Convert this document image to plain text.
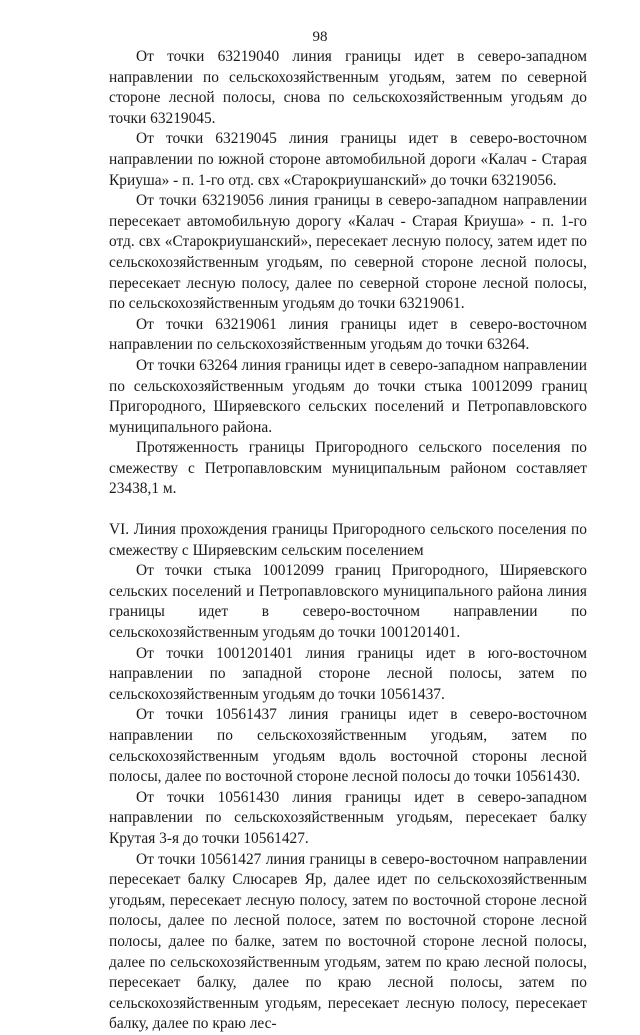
98

От точки 63219040 линия границы идет в северо-западном направлении по сельскохозяйственным угодьям, затем по северной стороне лесной полосы, снова по сельскохозяйственным угодьям до точки 63219045.

От точки 63219045 линия границы идет в северо-восточном направлении по южной стороне автомобильной дороги «Калач - Старая Криуша» - п. 1-го отд. свх «Старокриушанский» до точки 63219056.

От точки 63219056 линия границы в северо-западном направлении пересекает автомобильную дорогу «Калач - Старая Криуша» - п. 1-го отд. свх «Старокриушанский», пересекает лесную полосу, затем идет по сельскохозяйственным угодьям, по северной стороне лесной полосы, пересекает лесную полосу, далее по северной стороне лесной полосы, по сельскохозяйственным угодьям до точки 63219061.

От точки 63219061 линия границы идет в северо-восточном направлении по сельскохозяйственным угодьям до точки 63264.

От точки 63264 линия границы идет в северо-западном направлении по сельскохозяйственным угодьям до точки стыка 10012099 границ Пригородного, Ширяевского сельских поселений и Петропавловского муниципального района.

Протяженность границы Пригородного сельского поселения по смежеству с Петропавловским муниципальным районом составляет 23438,1 м.

VI. Линия прохождения границы Пригородного сельского поселения по смежеству с Ширяевским сельским поселением

От точки стыка 10012099 границ Пригородного, Ширяевского сельских поселений и Петропавловского муниципального района линия границы идет в северо-восточном направлении по сельскохозяйственным угодьям до точки 1001201401.

От точки 1001201401 линия границы идет в юго-восточном направлении по западной стороне лесной полосы, затем по сельскохозяйственным угодьям до точки 10561437.

От точки 10561437 линия границы идет в северо-восточном направлении по сельскохозяйственным угодьям, затем по сельскохозяйственным угодьям вдоль восточной стороны лесной полосы, далее по восточной стороне лесной полосы до точки 10561430.

От точки 10561430 линия границы идет в северо-западном направлении по сельскохозяйственным угодьям, пересекает балку Крутая 3-я до точки 10561427.

От точки 10561427 линия границы в северо-восточном направлении пересекает балку Слюсарев Яр, далее идет по сельскохозяйственным угодьям, пересекает лесную полосу, затем по восточной стороне лесной полосы, далее по лесной полосе, затем по восточной стороне лесной полосы, далее по балке, затем по восточной стороне лесной полосы, далее по сельскохозяйственным угодьям, затем по краю лесной полосы, пересекает балку, далее по краю лесной полосы, затем по сельскохозяйственным угодьям, пересекает лесную полосу, пересекает балку, далее по краю лес-
